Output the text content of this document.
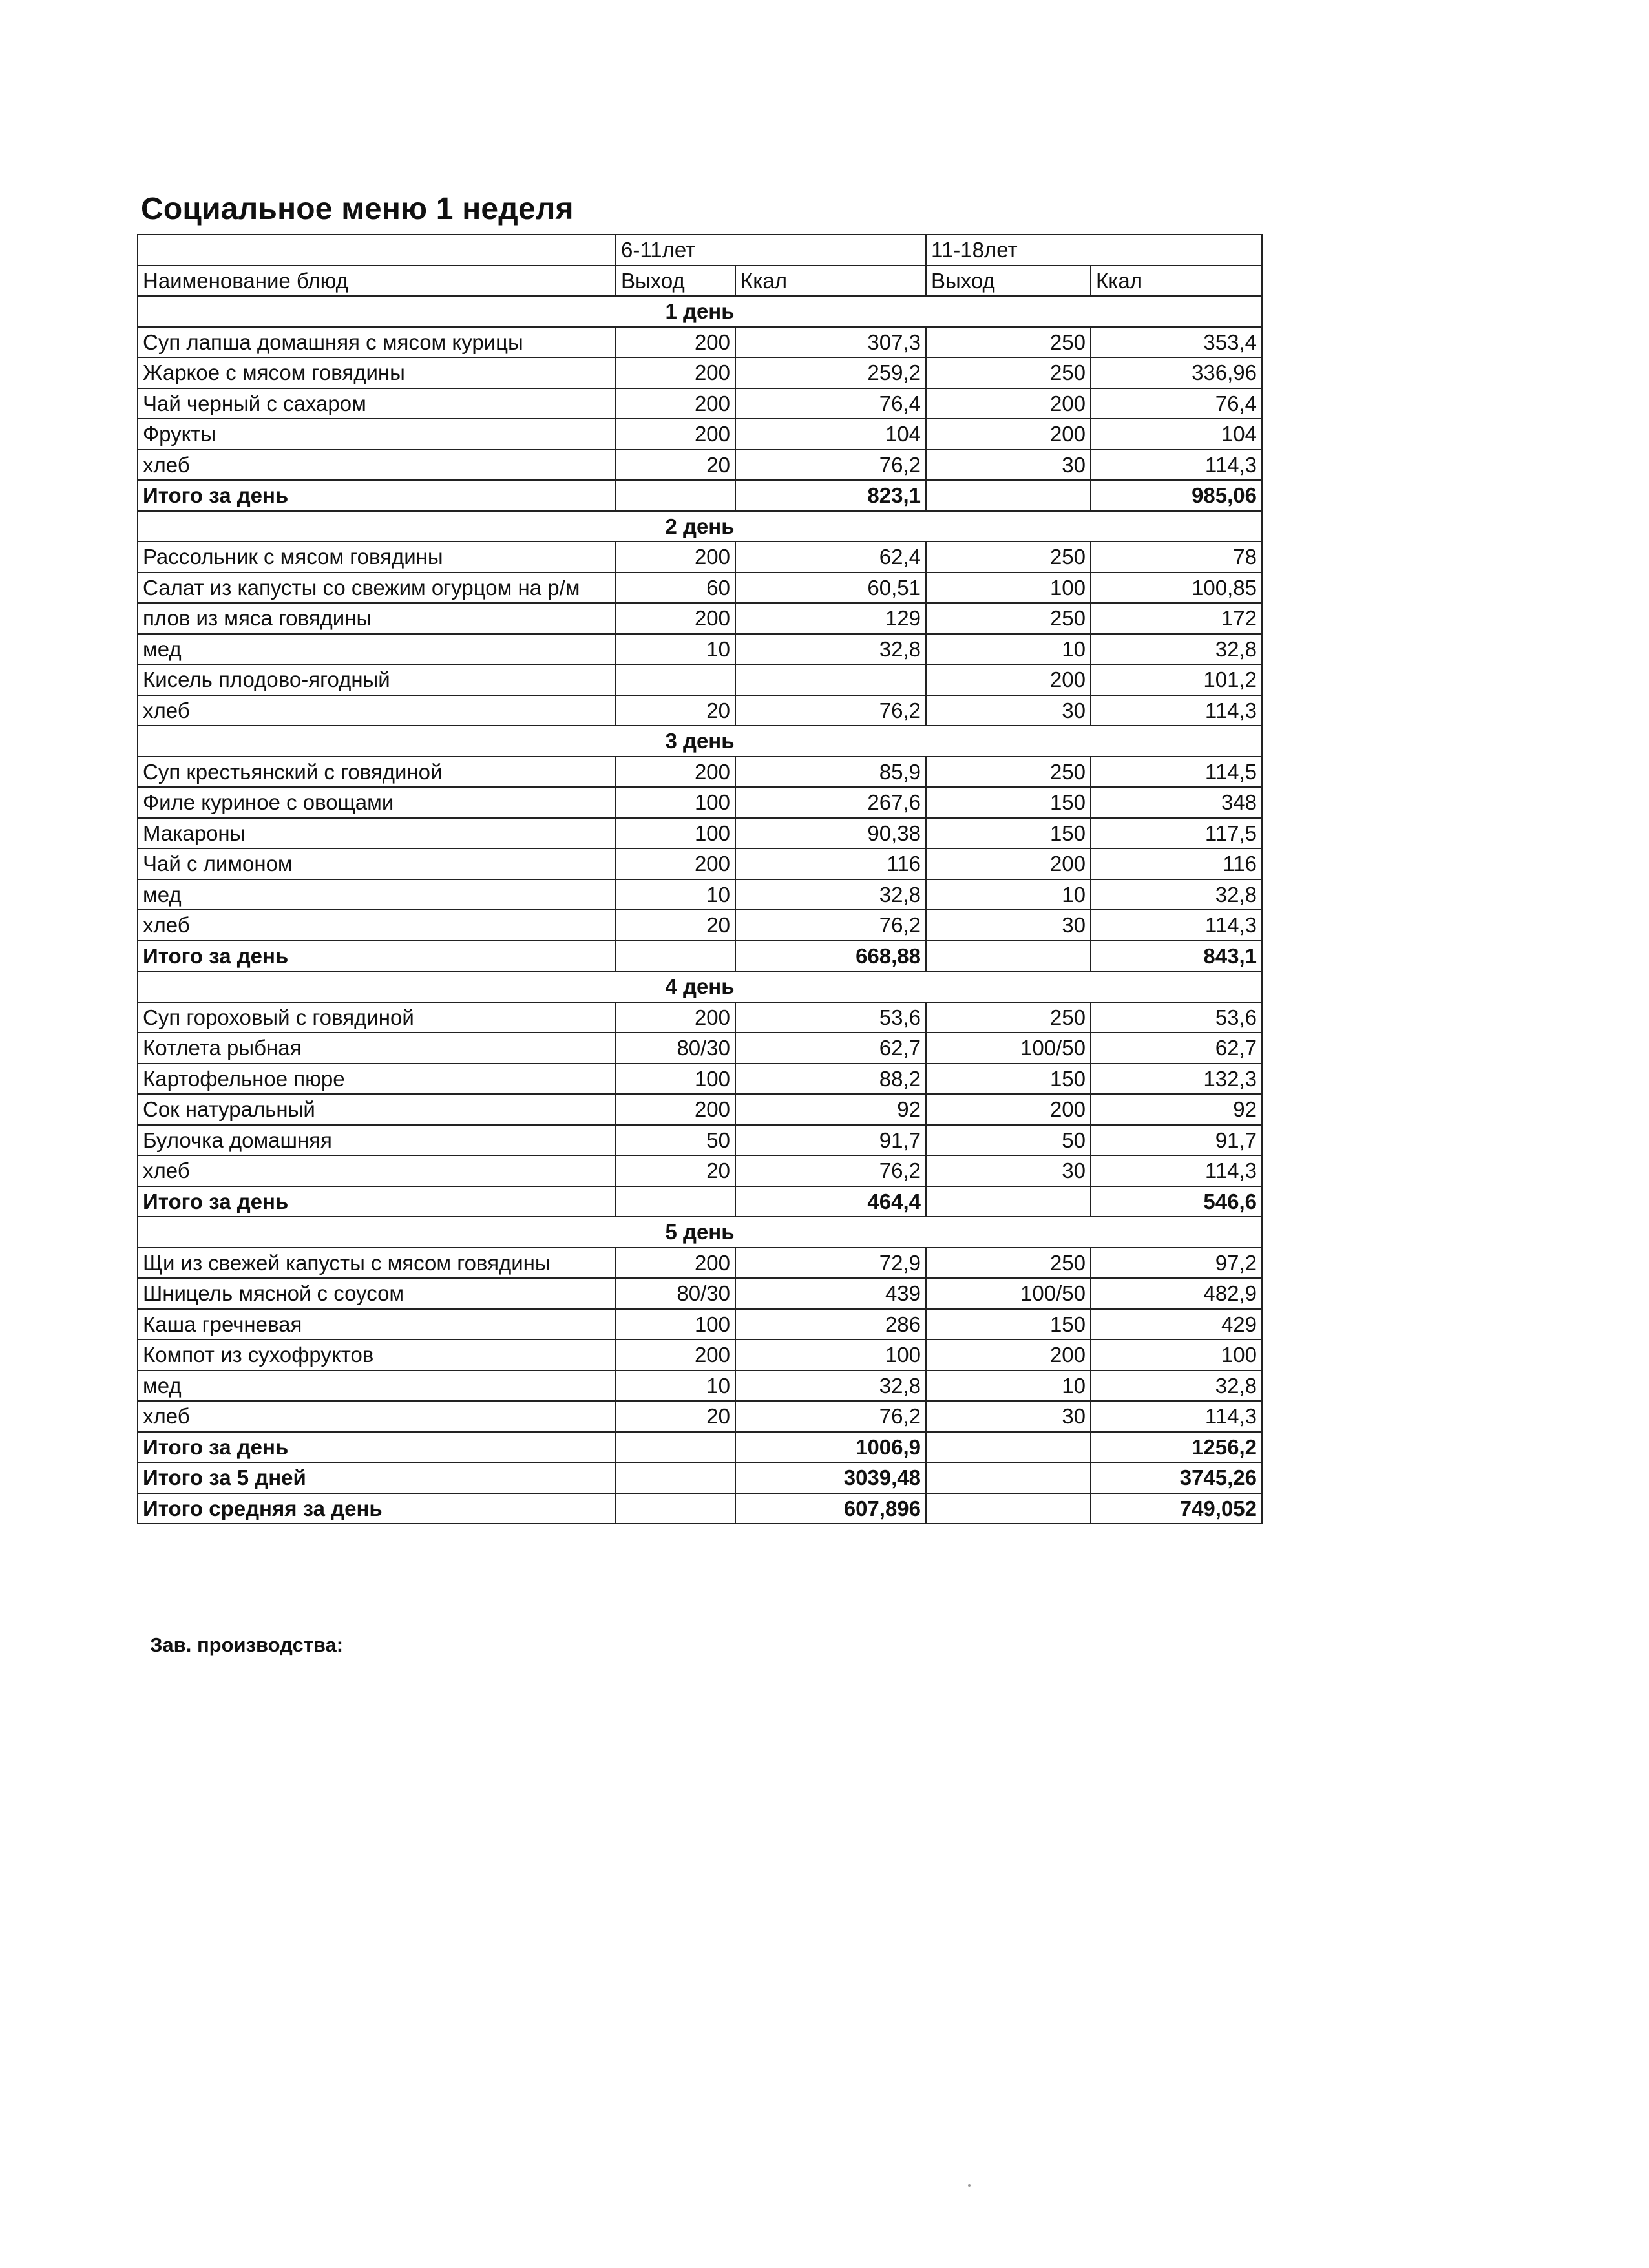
Социальное меню 1 неделя
	6-11лет		11-18лет	
Наименование блюд	Выход	Ккал	Выход	Ккал
1 день				
Суп лапша домашняя с мясом курицы	200	307,3	250	353,4
Жаркое с мясом говядины	200	259,2	250	336,96
Чай черный с сахаром	200	76,4	200	76,4
Фрукты	200	104	200	104
хлеб	20	76,2	30	114,3
Итого за день		823,1		985,06
2 день				
Рассольник с мясом говядины	200	62,4	250	78
Салат из капусты со свежим огурцом на р/м	60	60,51	100	100,85
плов из мяса говядины	200	129	250	172
мед	10	32,8	10	32,8
Кисель плодово-ягодный			200	101,2
хлеб	20	76,2	30	114,3
3 день				
Суп крестьянский с говядиной	200	85,9	250	114,5
Филе куриное с овощами	100	267,6	150	348
Макароны	100	90,38	150	117,5
Чай с лимоном	200	116	200	116
мед	10	32,8	10	32,8
хлеб	20	76,2	30	114,3
Итого за день		668,88		843,1
4 день				
Суп гороховый с говядиной	200	53,6	250	53,6
Котлета рыбная	80/30	62,7	100/50	62,7
Картофельное пюре	100	88,2	150	132,3
Сок натуральный	200	92	200	92
Булочка домашняя	50	91,7	50	91,7
хлеб	20	76,2	30	114,3
Итого за день		464,4		546,6
5 день				
Щи из свежей капусты с мясом говядины	200	72,9	250	97,2
Шницель мясной с соусом	80/30	439	100/50	482,9
Каша гречневая	100	286	150	429
Компот из сухофруктов	200	100	200	100
мед	10	32,8	10	32,8
хлеб	20	76,2	30	114,3
Итого за день		1006,9		1256,2
Итого за 5 дней		3039,48		3745,26
Итого средняя за день		607,896		749,052
Зав. производства:
